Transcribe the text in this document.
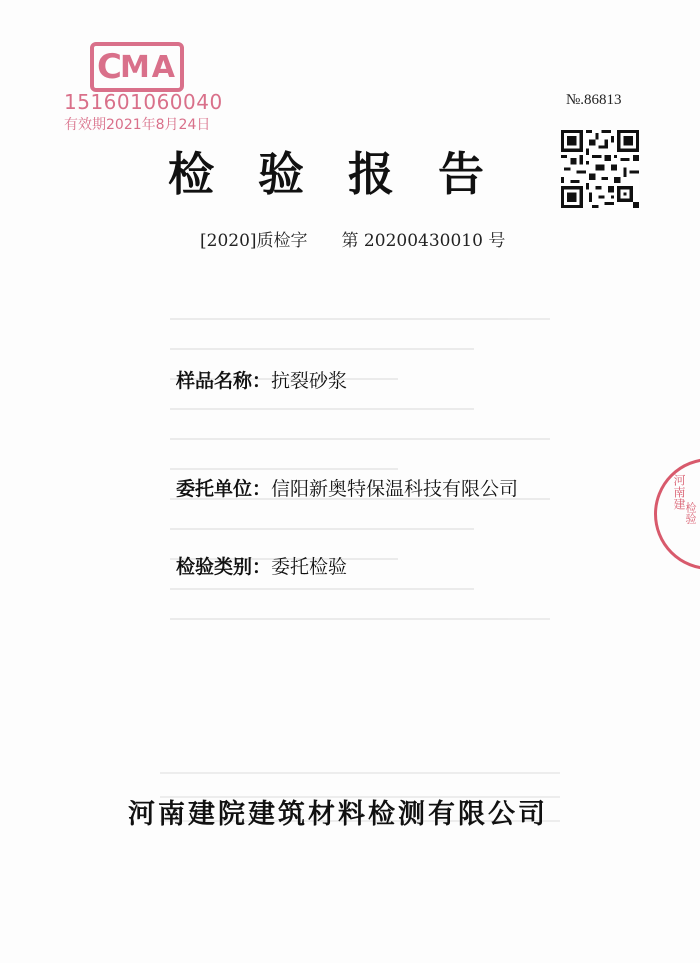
C
MA
151601060040
有效期2021年8月24日
№.86813
检验报告
[2020]质检字 第 20200430010 号
样品名称：抗裂砂浆
委托单位：信阳新奥特保温科技有限公司
检验类别：委托检验
河南建
检验
河南建院建筑材料检测有限公司
